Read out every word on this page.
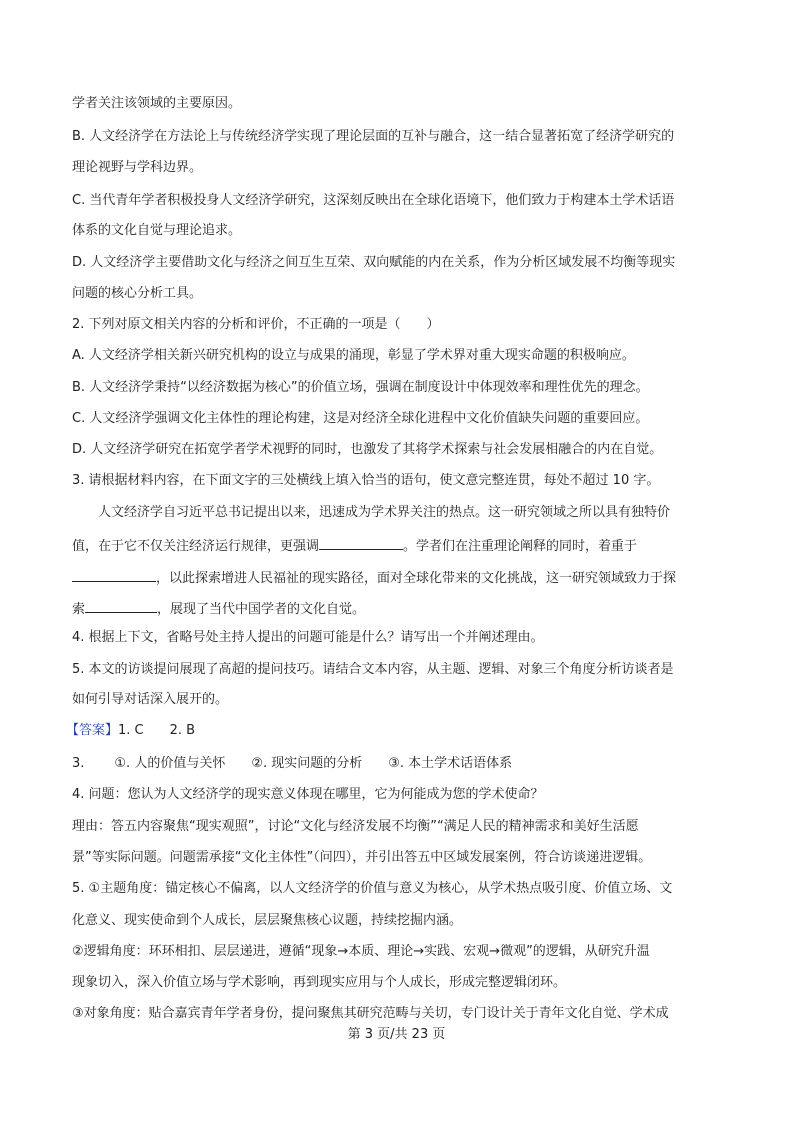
学者关注该领域的主要原因。
B. 人文经济学在方法论上与传统经济学实现了理论层面的互补与融合，这一结合显著拓宽了经济学研究的
理论视野与学科边界。
C. 当代青年学者积极投身人文经济学研究，这深刻反映出在全球化语境下，他们致力于构建本土学术话语
体系的文化自觉与理论追求。
D. 人文经济学主要借助文化与经济之间互生互荣、双向赋能的内在关系，作为分析区域发展不均衡等现实
问题的核心分析工具。
2. 下列对原文相关内容的分析和评价，不正确的一项是（　　）
A. 人文经济学相关新兴研究机构的设立与成果的涌现，彰显了学术界对重大现实命题的积极响应。
B. 人文经济学秉持“以经济数据为核心”的价值立场，强调在制度设计中体现效率和理性优先的理念。
C. 人文经济学强调文化主体性的理论构建，这是对经济全球化进程中文化价值缺失问题的重要回应。
D. 人文经济学研究在拓宽学者学术视野的同时，也激发了其将学术探索与社会发展相融合的内在自觉。
3. 请根据材料内容，在下面文字的三处横线上填入恰当的语句，使文意完整连贯，每处不超过 10 字。
人文经济学自习近平总书记提出以来，迅速成为学术界关注的热点。这一研究领域之所以具有独特价
值，在于它不仅关注经济运行规律，更强调	。学者们在注重理论阐释的同时，着重于
，以此探索增进人民福祉的现实路径，面对全球化带来的文化挑战，这一研究领域致力于探
索	，展现了当代中国学者的文化自觉。
4. 根据上下文，省略号处主持人提出的问题可能是什么？请写出一个并阐述理由。
5. 本文的访谈提问展现了高超的提问技巧。请结合文本内容，从主题、逻辑、对象三个角度分析访谈者是
如何引导对话深入展开的。
【答案】1. C 2. B
3. ①. 人的价值与关怀 ②. 现实问题的分析 ③. 本土学术话语体系
4. 问题：您认为人文经济学的现实意义体现在哪里，它为何能成为您的学术使命？
理由：答五内容聚焦“现实观照”，讨论“文化与经济发展不均衡”“满足人民的精神需求和美好生活愿
景”等实际问题。问题需承接“文化主体性”（问四），并引出答五中区域发展案例，符合访谈递进逻辑。
5. ①主题角度：锚定核心不偏离，以人文经济学的价值与意义为核心，从学术热点吸引度、价值立场、文
化意义、现实使命到个人成长，层层聚焦核心议题，持续挖掘内涵。
②逻辑角度：环环相扣、层层递进，遵循“现象→本质、理论→实践、宏观→微观”的逻辑，从研究升温
现象切入，深入价值立场与学术影响，再到现实应用与个人成长，形成完整逻辑闭环。
③对象角度：贴合嘉宾青年学者身份，提问聚焦其研究范畴与关切，专门设计关于青年文化自觉、学术成
第 3 页/共 23 页
